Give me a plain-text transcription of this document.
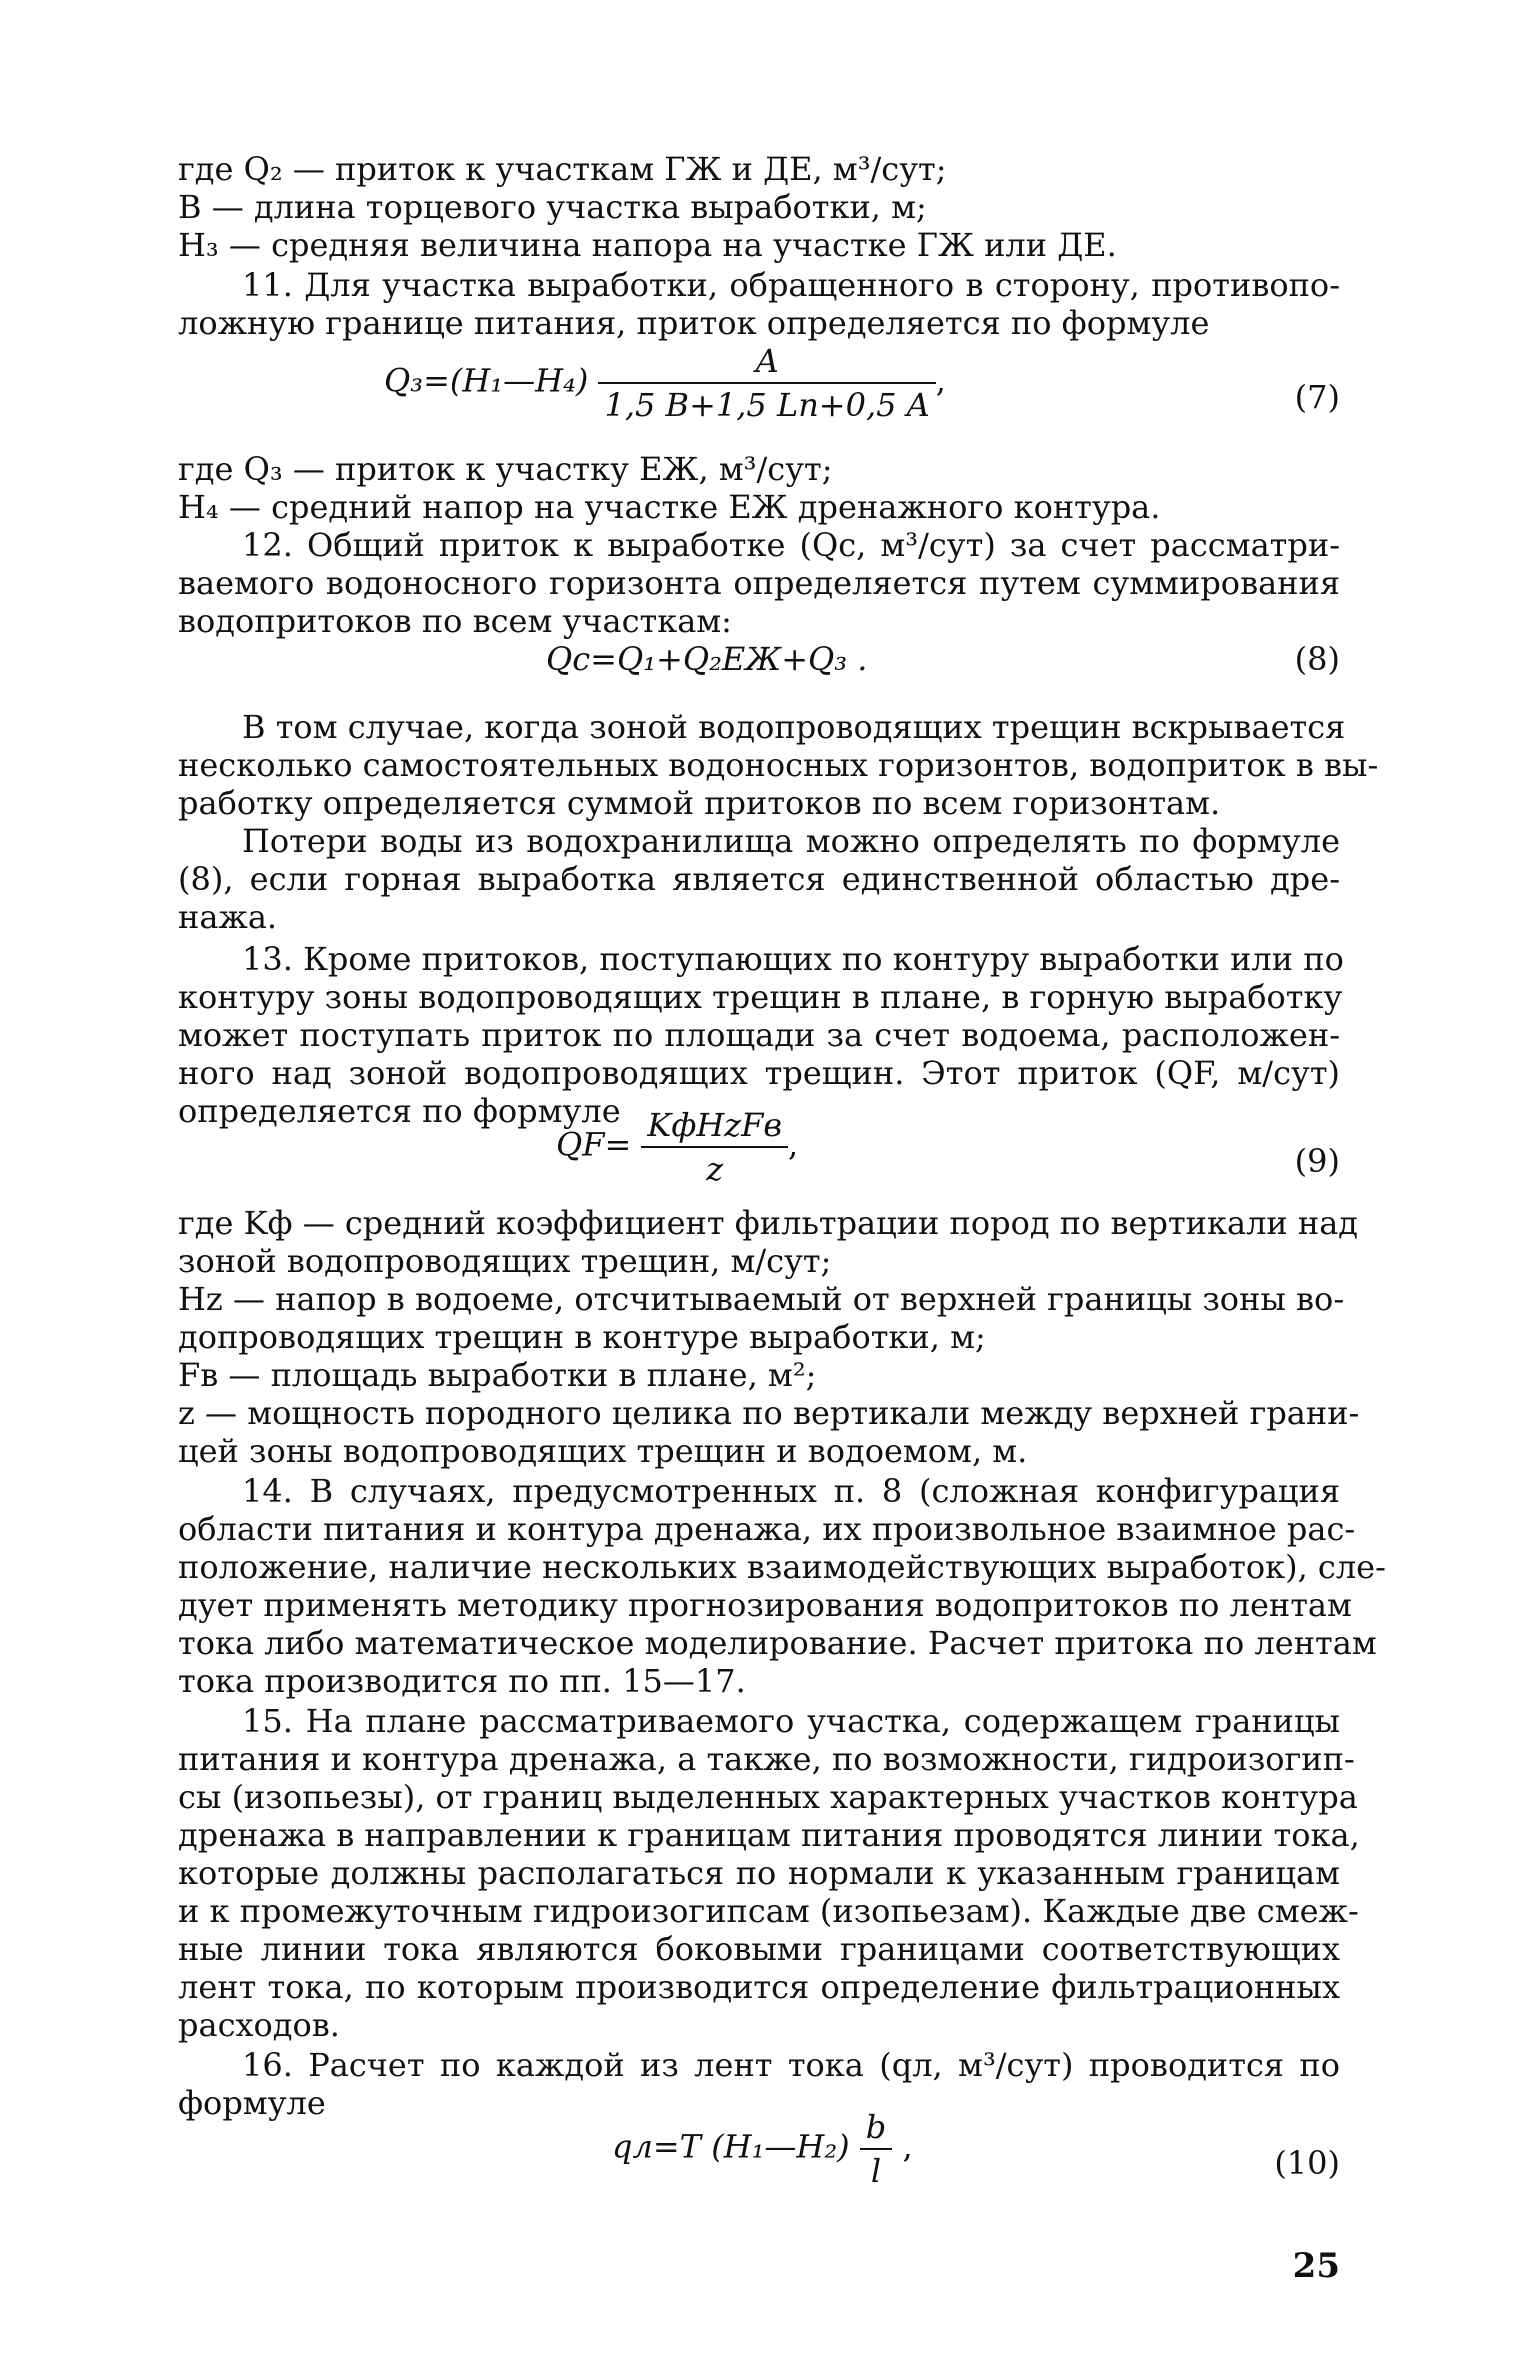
где Q₂ — приток к участкам ГЖ и ДЕ, м³/сут;
B — длина торцевого участка выработки, м;
H₃ — средняя величина напора на участке ГЖ или ДЕ.
11. Для участка выработки, обращенного в сторону, противопо-
ложную границе питания, приток определяется по формуле
Q₃=(H₁—H₄) $\frac{A}{1,5 B+1,5 Lп+0,5 A}$ ,	(7)
где Q₃ — приток к участку ЕЖ, м³/сут;
H₄ — средний напор на участке ЕЖ дренажного контура.
12. Общий приток к выработке (Qc, м³/сут) за счет рассматри-
ваемого водоносного горизонта определяется путем суммирования
водопритоков по всем участкам:
Qc=Q₁+Q₂ЕЖ+Q₃ .	(8)
В том случае, когда зоной водопроводящих трещин вскрывается
несколько самостоятельных водоносных горизонтов, водоприток в вы-
работку определяется суммой притоков по всем горизонтам.
Потери воды из водохранилища можно определять по формуле
(8), если горная выработка является единственной областью дре-
нажа.
13. Кроме притоков, поступающих по контуру выработки или по
контуру зоны водопроводящих трещин в плане, в горную выработку
может поступать приток по площади за счет водоема, расположен-
ного над зоной водопроводящих трещин. Этот приток (QF, м/сут)
определяется по формуле
$QF= \frac{\text{KфHzFв}}{z}$ ,	(9)
где Kф — средний коэффициент фильтрации пород по вертикали над
зоной водопроводящих трещин, м/сут;
Hz — напор в водоеме, отсчитываемый от верхней границы зоны во-
допроводящих трещин в контуре выработки, м;
Fв — площадь выработки в плане, м²;
z — мощность породного целика по вертикали между верхней грани-
цей зоны водопроводящих трещин и водоемом, м.
14. В случаях, предусмотренных п. 8 (сложная конфигурация
области питания и контура дренажа, их произвольное взаимное рас-
положение, наличие нескольких взаимодействующих выработок), сле-
дует применять методику прогнозирования водопритоков по лентам
тока либо математическое моделирование. Расчет притока по лентам
тока производится по пп. 15—17.
15. На плане рассматриваемого участка, содержащем границы
питания и контура дренажа, а также, по возможности, гидроизогип-
сы (изопьезы), от границ выделенных характерных участков контура
дренажа в направлении к границам питания проводятся линии тока,
которые должны располагаться по нормали к указанным границам
и к промежуточным гидроизогипсам (изопьезам). Каждые две смеж-
ные линии тока являются боковыми границами соответствующих
лент тока, по которым производится определение фильтрационных
расходов.
16. Расчет по каждой из лент тока (qл, м³/сут) проводится по
формуле
qл=T (H₁—H₂) $\frac{b}{l}$ ,	(10)
25
